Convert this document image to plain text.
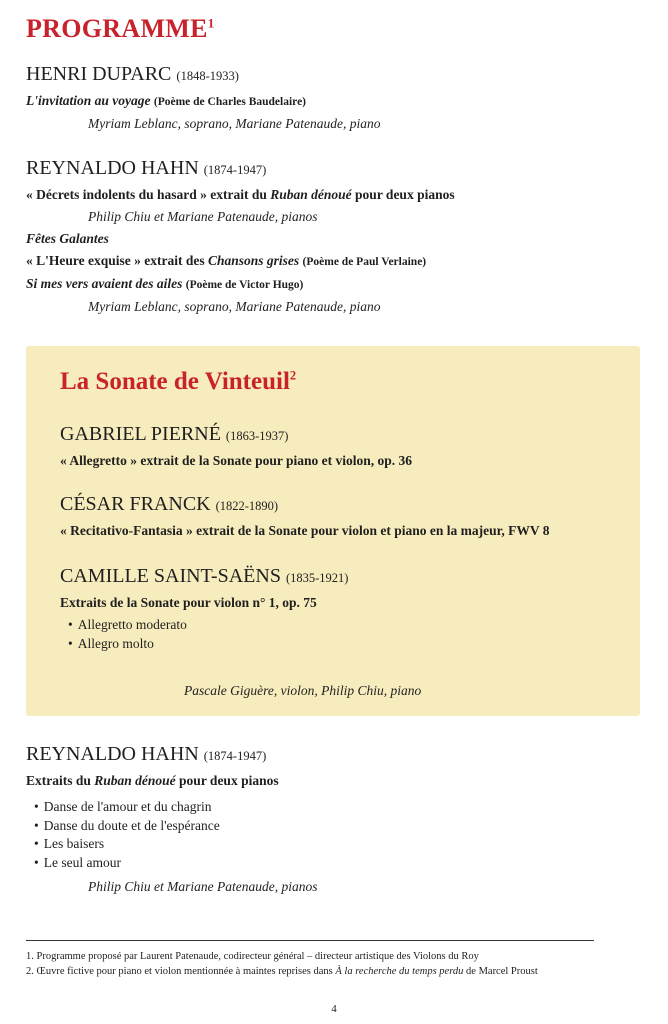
PROGRAMME$^1$
HENRI DUPARC (1848-1933)
L'invitation au voyage (Poème de Charles Baudelaire)
Myriam Leblanc, soprano, Mariane Patenaude, piano
REYNALDO HAHN (1874-1947)
« Décrets indolents du hasard » extrait du Ruban dénoué pour deux pianos
Philip Chiu et Mariane Patenaude, pianos
Fêtes Galantes
« L'Heure exquise » extrait des Chansons grises (Poème de Paul Verlaine)
Si mes vers avaient des ailes (Poème de Victor Hugo)
Myriam Leblanc, soprano, Mariane Patenaude, piano
La Sonate de Vinteuil$^2$
GABRIEL PIERNÉ (1863-1937)
« Allegretto » extrait de la Sonate pour piano et violon, op. 36
CÉSAR FRANCK (1822-1890)
« Recitativo-Fantasia » extrait de la Sonate pour violon et piano en la majeur, FWV 8
CAMILLE SAINT-SAËNS (1835-1921)
Extraits de la Sonate pour violon n° 1, op. 75
• Allegretto moderato
• Allegro molto
Pascale Giguère, violon, Philip Chiu, piano
REYNALDO HAHN (1874-1947)
Extraits du Ruban dénoué pour deux pianos
• Danse de l'amour et du chagrin
• Danse du doute et de l'espérance
• Les baisers
• Le seul amour
Philip Chiu et Mariane Patenaude, pianos
1. Programme proposé par Laurent Patenaude, codirecteur général – directeur artistique des Violons du Roy
2. Œuvre fictive pour piano et violon mentionnée à maintes reprises dans À la recherche du temps perdu de Marcel Proust
4
